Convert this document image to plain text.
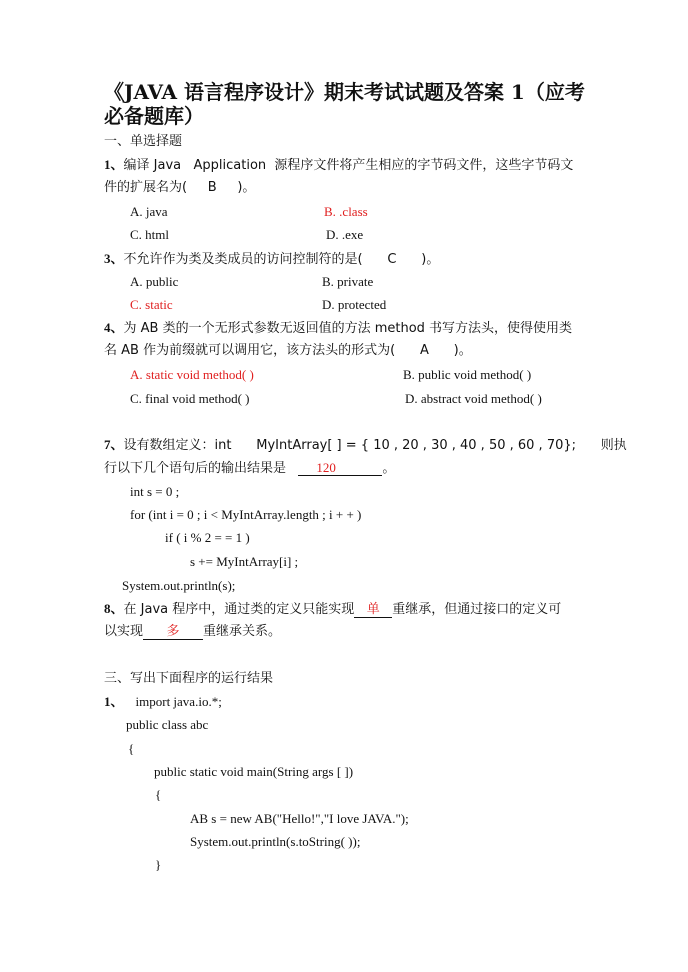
《JAVA 语言程序设计》期末考试试题及答案 1（应考必备题库）
一、单选择题
1、编译 Java   Application  源程序文件将产生相应的字节码文件，这些字节码文
件的扩展名为(     B     )。
A. java	B. .class
C. html	D. .exe
3、不允许作为类及类成员的访问控制符的是(      C      )。
A. public	B. private
C. static	D. protected
4、为 AB 类的一个无形式参数无返回值的方法 method 书写方法头，使得使用类
名 AB 作为前缀就可以调用它，该方法头的形式为(      A      )。
A. static void method( )	B. public void method( )
C. final void method( )	D. abstract void method( )
7、设有数组定义：int      MyIntArray[ ] = { 10 , 20 , 30 , 40 , 50 , 60 , 70};      则执
行以下几个语句后的输出结果是   120	。
int s = 0 ;
for (int i = 0 ; i < MyIntArray.length ; i + + )
if ( i % 2 = = 1 )
s += MyIntArray[i] ;
System.out.println(s);
8、在 Java 程序中，通过类的定义只能实现 单 重继承，但通过接口的定义可
以实现 多 重继承关系。
三、写出下面程序的运行结果
1、 import java.io.*;
public class abc
{
public static void main(String args [ ])
{
AB s = new AB("Hello!","I love JAVA.");
System.out.println(s.toString( ));
}
